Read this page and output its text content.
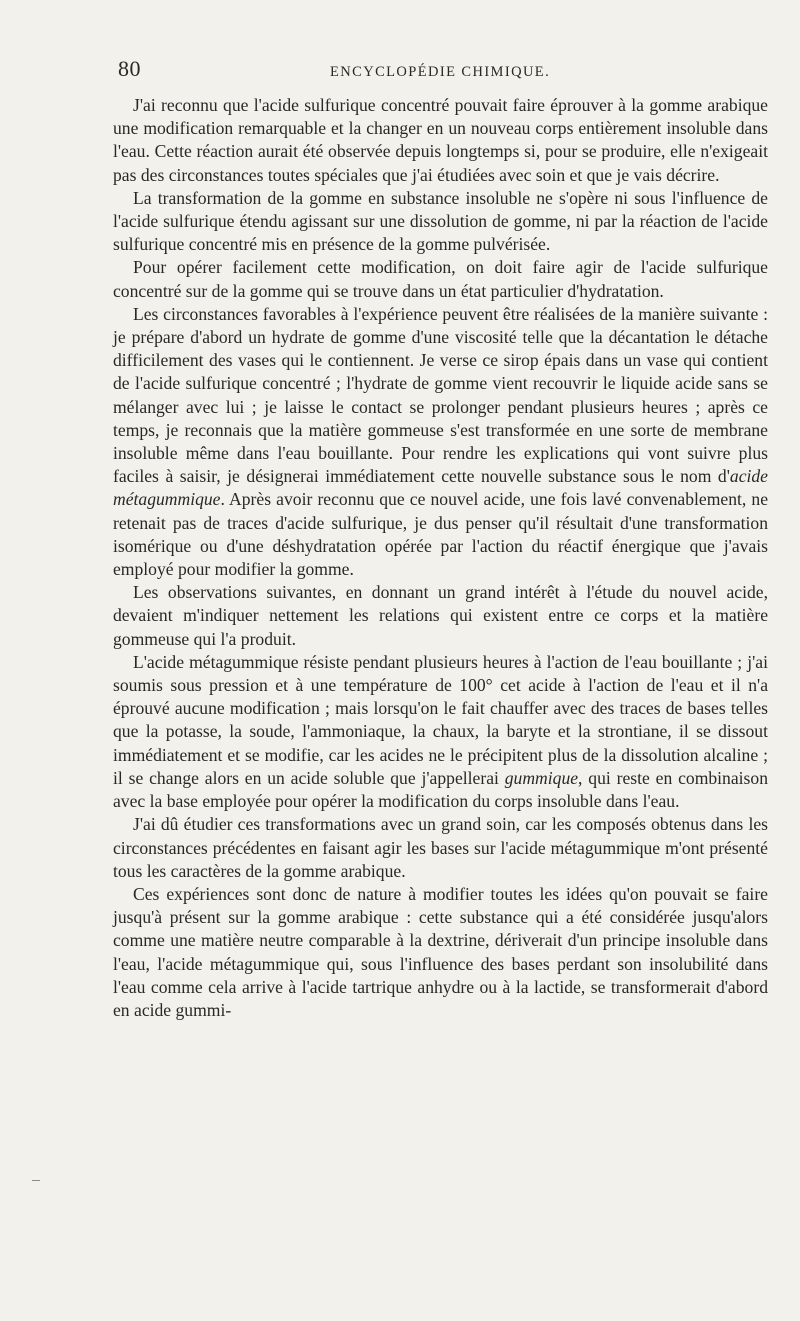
80	ENCYCLOPÉDIE CHIMIQUE.

J'ai reconnu que l'acide sulfurique concentré pouvait faire éprouver à la gomme arabique une modification remarquable et la changer en un nouveau corps entièrement insoluble dans l'eau. Cette réaction aurait été observée depuis longtemps si, pour se produire, elle n'exigeait pas des circonstances toutes spéciales que j'ai étudiées avec soin et que je vais décrire.

La transformation de la gomme en substance insoluble ne s'opère ni sous l'influence de l'acide sulfurique étendu agissant sur une dissolution de gomme, ni par la réaction de l'acide sulfurique concentré mis en présence de la gomme pulvérisée.

Pour opérer facilement cette modification, on doit faire agir de l'acide sulfurique concentré sur de la gomme qui se trouve dans un état particulier d'hydratation.

Les circonstances favorables à l'expérience peuvent être réalisées de la manière suivante : je prépare d'abord un hydrate de gomme d'une viscosité telle que la décantation le détache difficilement des vases qui le contiennent. Je verse ce sirop épais dans un vase qui contient de l'acide sulfurique concentré ; l'hydrate de gomme vient recouvrir le liquide acide sans se mélanger avec lui ; je laisse le contact se prolonger pendant plusieurs heures ; après ce temps, je reconnais que la matière gommeuse s'est transformée en une sorte de membrane insoluble même dans l'eau bouillante. Pour rendre les explications qui vont suivre plus faciles à saisir, je désignerai immédiatement cette nouvelle substance sous le nom d'acide métagummique. Après avoir reconnu que ce nouvel acide, une fois lavé convenablement, ne retenait pas de traces d'acide sulfurique, je dus penser qu'il résultait d'une transformation isomérique ou d'une déshydratation opérée par l'action du réactif énergique que j'avais employé pour modifier la gomme.

Les observations suivantes, en donnant un grand intérêt à l'étude du nouvel acide, devaient m'indiquer nettement les relations qui existent entre ce corps et la matière gommeuse qui l'a produit.

L'acide métagummique résiste pendant plusieurs heures à l'action de l'eau bouillante ; j'ai soumis sous pression et à une température de 100° cet acide à l'action de l'eau et il n'a éprouvé aucune modification ; mais lorsqu'on le fait chauffer avec des traces de bases telles que la potasse, la soude, l'ammoniaque, la chaux, la baryte et la strontiane, il se dissout immédiatement et se modifie, car les acides ne le précipitent plus de la dissolution alcaline ; il se change alors en un acide soluble que j'appellerai gummique, qui reste en combinaison avec la base employée pour opérer la modification du corps insoluble dans l'eau.

J'ai dû étudier ces transformations avec un grand soin, car les composés obtenus dans les circonstances précédentes en faisant agir les bases sur l'acide métagummique m'ont présenté tous les caractères de la gomme arabique.

Ces expériences sont donc de nature à modifier toutes les idées qu'on pouvait se faire jusqu'à présent sur la gomme arabique : cette substance qui a été considérée jusqu'alors comme une matière neutre comparable à la dextrine, dériverait d'un principe insoluble dans l'eau, l'acide métagummique qui, sous l'influence des bases perdant son insolubilité dans l'eau comme cela arrive à l'acide tartrique anhydre ou à la lactide, se transformerait d'abord en acide gummi-
